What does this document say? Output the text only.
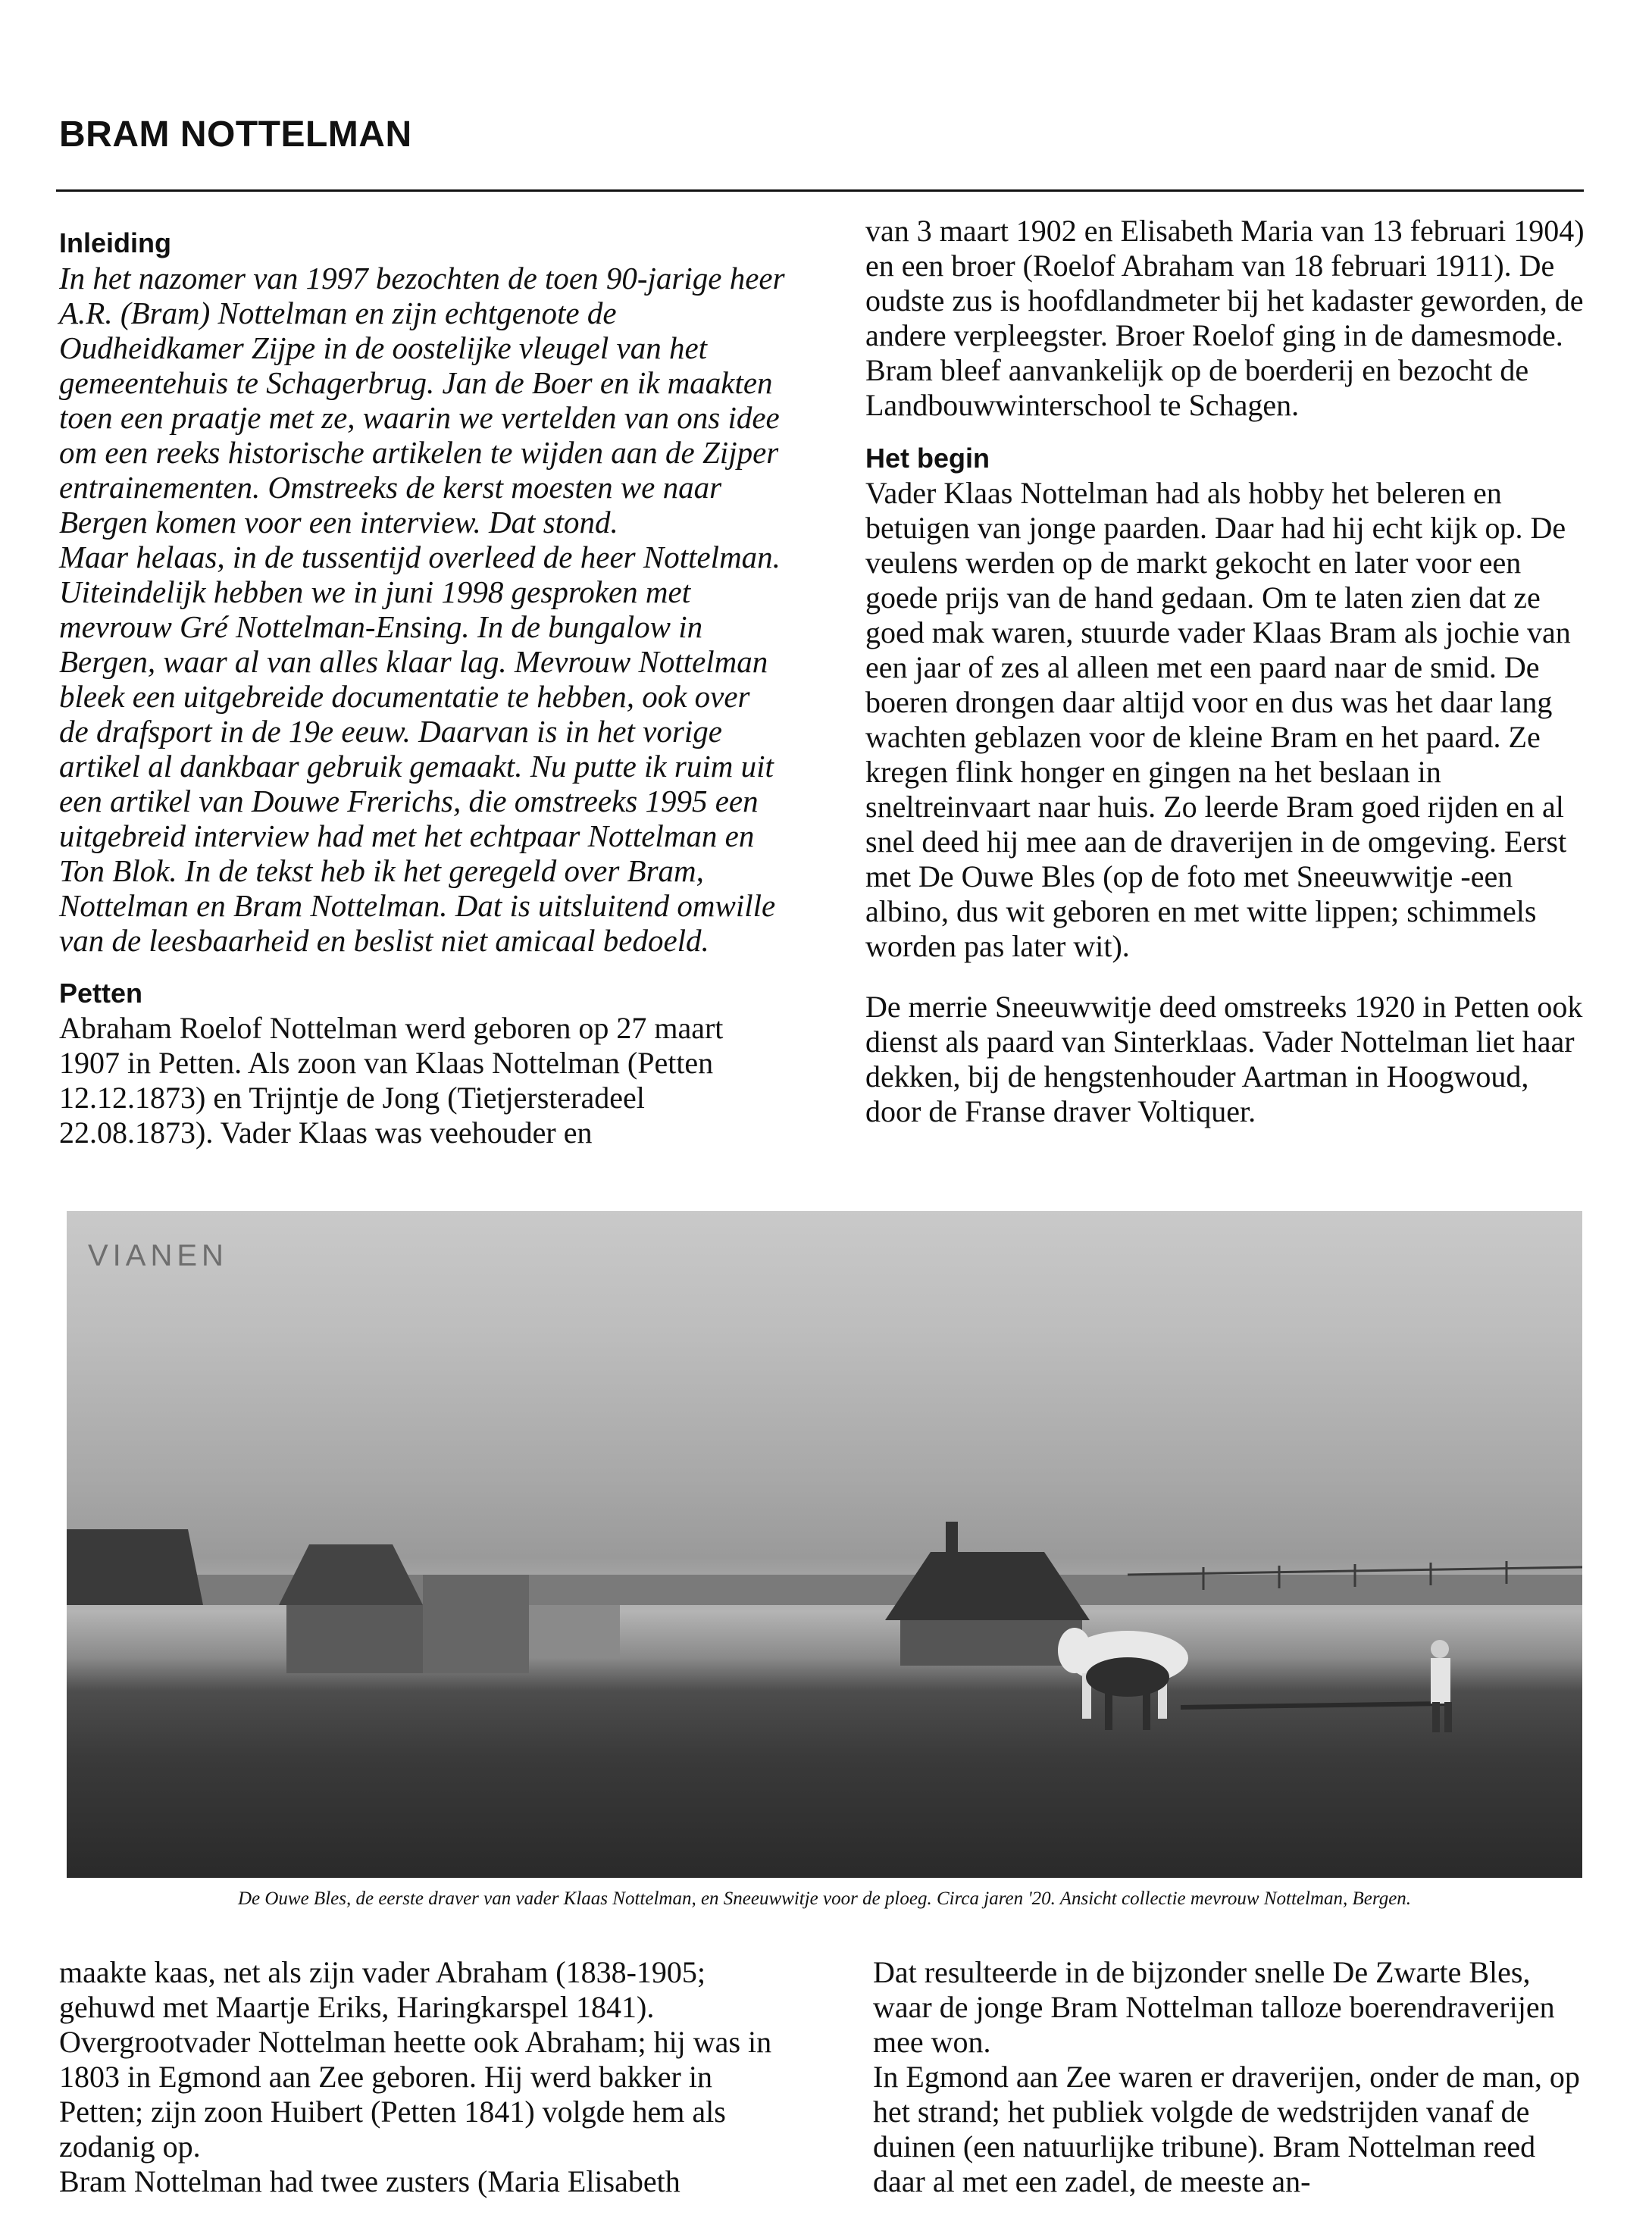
BRAM NOTTELMAN
Inleiding

In het nazomer van 1997 bezochten de toen 90-jarige heer A.R. (Bram) Nottelman en zijn echtgenote de Oudheidkamer Zijpe in de oostelijke vleugel van het gemeentehuis te Schagerbrug. Jan de Boer en ik maakten toen een praatje met ze, waarin we vertelden van ons idee om een reeks historische artikelen te wijden aan de Zijper entrainementen. Omstreeks de kerst moesten we naar Bergen komen voor een interview. Dat stond.

Maar helaas, in de tussentijd overleed de heer Nottelman. Uiteindelijk hebben we in juni 1998 gesproken met mevrouw Gré Nottelman-Ensing. In de bungalow in Bergen, waar al van alles klaar lag. Mevrouw Nottelman bleek een uitgebreide documentatie te hebben, ook over de drafsport in de 19e eeuw. Daarvan is in het vorige artikel al dankbaar gebruik gemaakt. Nu putte ik ruim uit een artikel van Douwe Frerichs, die omstreeks 1995 een uitgebreid interview had met het echtpaar Nottelman en Ton Blok. In de tekst heb ik het geregeld over Bram, Nottelman en Bram Nottelman. Dat is uitsluitend omwille van de leesbaarheid en beslist niet amicaal bedoeld.

Petten

Abraham Roelof Nottelman werd geboren op 27 maart 1907 in Petten. Als zoon van Klaas Nottelman (Petten 12.12.1873) en Trijntje de Jong (Tietjersteradeel 22.08.1873). Vader Klaas was veehouder en

van 3 maart 1902 en Elisabeth Maria van 13 februari 1904) en een broer (Roelof Abraham van 18 februari 1911). De oudste zus is hoofdlandmeter bij het kadaster geworden, de andere verpleegster. Broer Roelof ging in de damesmode. Bram bleef aanvankelijk op de boerderij en bezocht de Landbouwwinterschool te Schagen.

Het begin

Vader Klaas Nottelman had als hobby het beleren en betuigen van jonge paarden. Daar had hij echt kijk op. De veulens werden op de markt gekocht en later voor een goede prijs van de hand gedaan. Om te laten zien dat ze goed mak waren, stuurde vader Klaas Bram als jochie van een jaar of zes al alleen met een paard naar de smid. De boeren drongen daar altijd voor en dus was het daar lang wachten geblazen voor de kleine Bram en het paard. Ze kregen flink honger en gingen na het beslaan in sneltreinvaart naar huis. Zo leerde Bram goed rijden en al snel deed hij mee aan de draverijen in de omgeving. Eerst met De Ouwe Bles (op de foto met Sneeuwwitje -een albino, dus wit geboren en met witte lippen; schimmels worden pas later wit).

De merrie Sneeuwwitje deed omstreeks 1920 in Petten ook dienst als paard van Sinterklaas. Vader Nottelman liet haar dekken, bij de hengstenhouder Aartman in Hoogwoud, door de Franse draver Voltiquer.

VIANEN
De Ouwe Bles, de eerste draver van vader Klaas Nottelman, en Sneeuwwitje voor de ploeg. Circa jaren '20. Ansicht collectie mevrouw Nottelman, Bergen.

maakte kaas, net als zijn vader Abraham (1838-1905; gehuwd met Maartje Eriks, Haringkarspel 1841). Overgrootvader Nottelman heette ook Abraham; hij was in 1803 in Egmond aan Zee geboren. Hij werd bakker in Petten; zijn zoon Huibert (Petten 1841) volgde hem als zodanig op.

Bram Nottelman had twee zusters (Maria Elisabeth

Dat resulteerde in de bijzonder snelle De Zwarte Bles, waar de jonge Bram Nottelman talloze boerendraverijen mee won.

In Egmond aan Zee waren er draverijen, onder de man, op het strand; het publiek volgde de wedstrijden vanaf de duinen (een natuurlijke tribune). Bram Nottelman reed daar al met een zadel, de meeste an-
